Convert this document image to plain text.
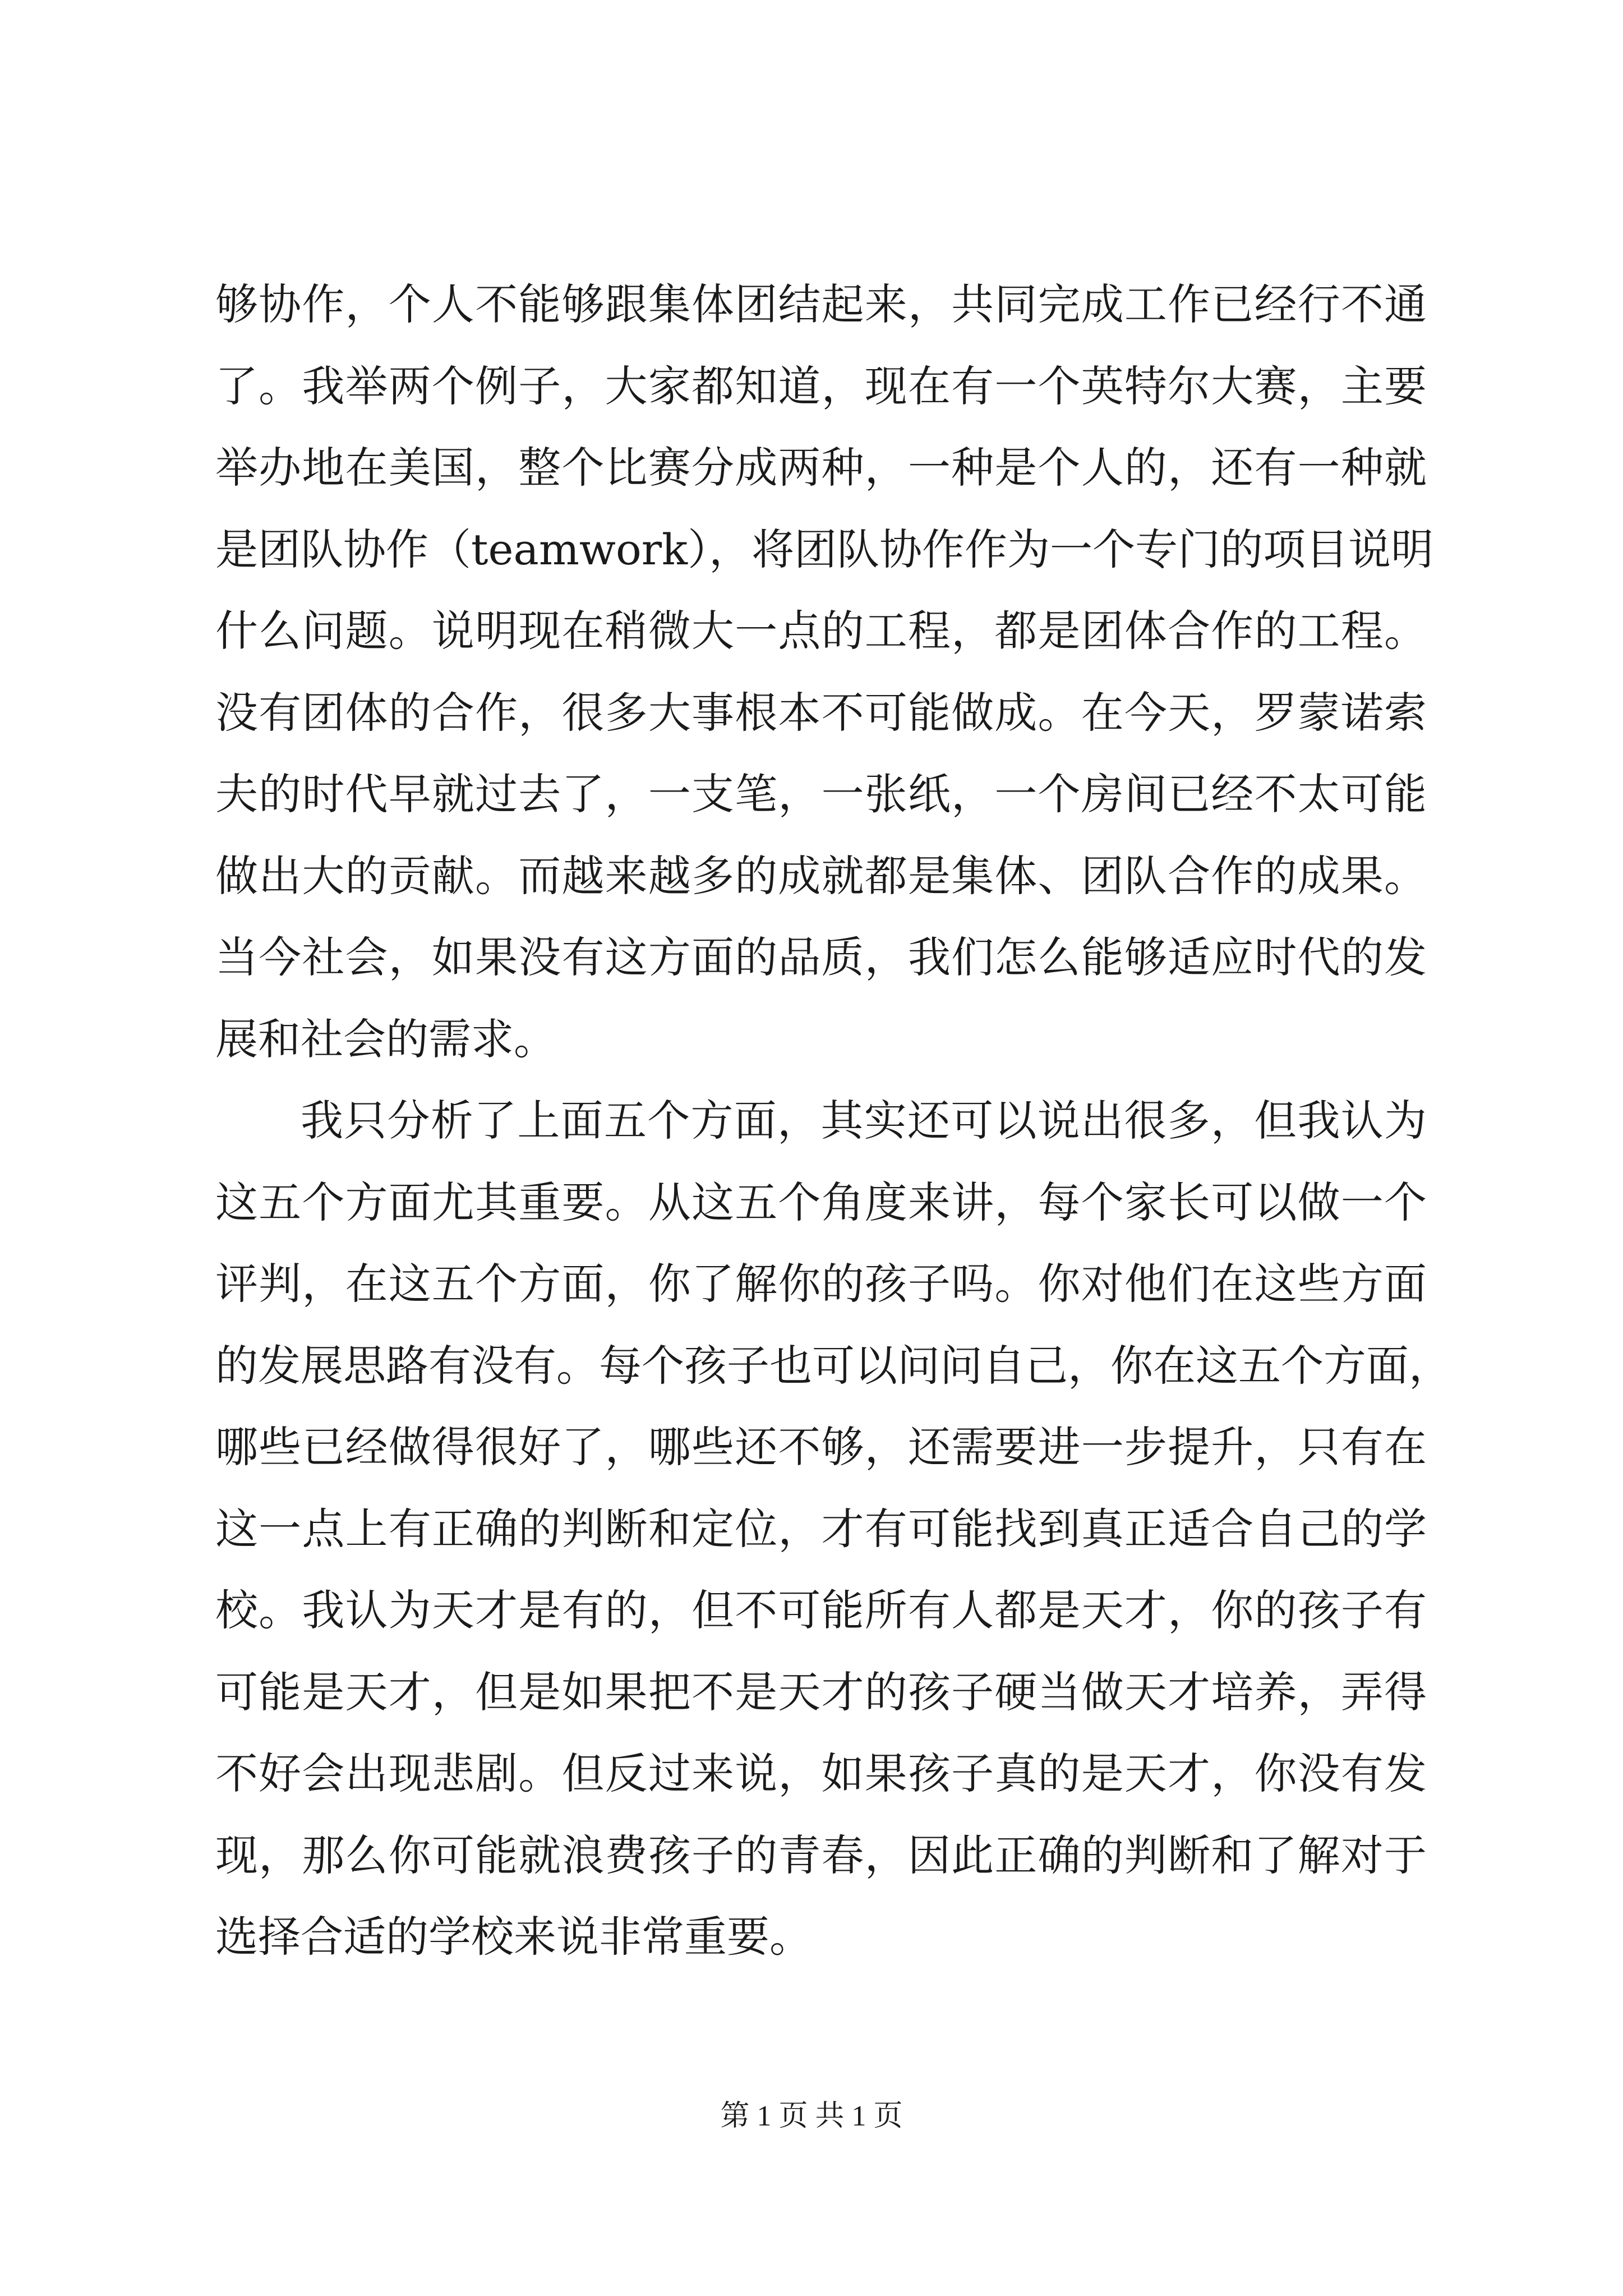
够协作，个人不能够跟集体团结起来，共同完成工作已经行不通
了。我举两个例子，大家都知道，现在有一个英特尔大赛，主要
举办地在美国，整个比赛分成两种，一种是个人的，还有一种就
是团队协作（teamwork），将团队协作作为一个专门的项目说明
什么问题。说明现在稍微大一点的工程，都是团体合作的工程。
没有团体的合作，很多大事根本不可能做成。在今天，罗蒙诺索
夫的时代早就过去了，一支笔，一张纸，一个房间已经不太可能
做出大的贡献。而越来越多的成就都是集体、团队合作的成果。
当今社会，如果没有这方面的品质，我们怎么能够适应时代的发
展和社会的需求。
我只分析了上面五个方面，其实还可以说出很多，但我认为
这五个方面尤其重要。从这五个角度来讲，每个家长可以做一个
评判，在这五个方面，你了解你的孩子吗。你对他们在这些方面
的发展思路有没有。每个孩子也可以问问自己，你在这五个方面，
哪些已经做得很好了，哪些还不够，还需要进一步提升，只有在
这一点上有正确的判断和定位，才有可能找到真正适合自己的学
校。我认为天才是有的，但不可能所有人都是天才，你的孩子有
可能是天才，但是如果把不是天才的孩子硬当做天才培养，弄得
不好会出现悲剧。但反过来说，如果孩子真的是天才，你没有发
现，那么你可能就浪费孩子的青春，因此正确的判断和了解对于
选择合适的学校来说非常重要。
第 1 页 共 1 页
